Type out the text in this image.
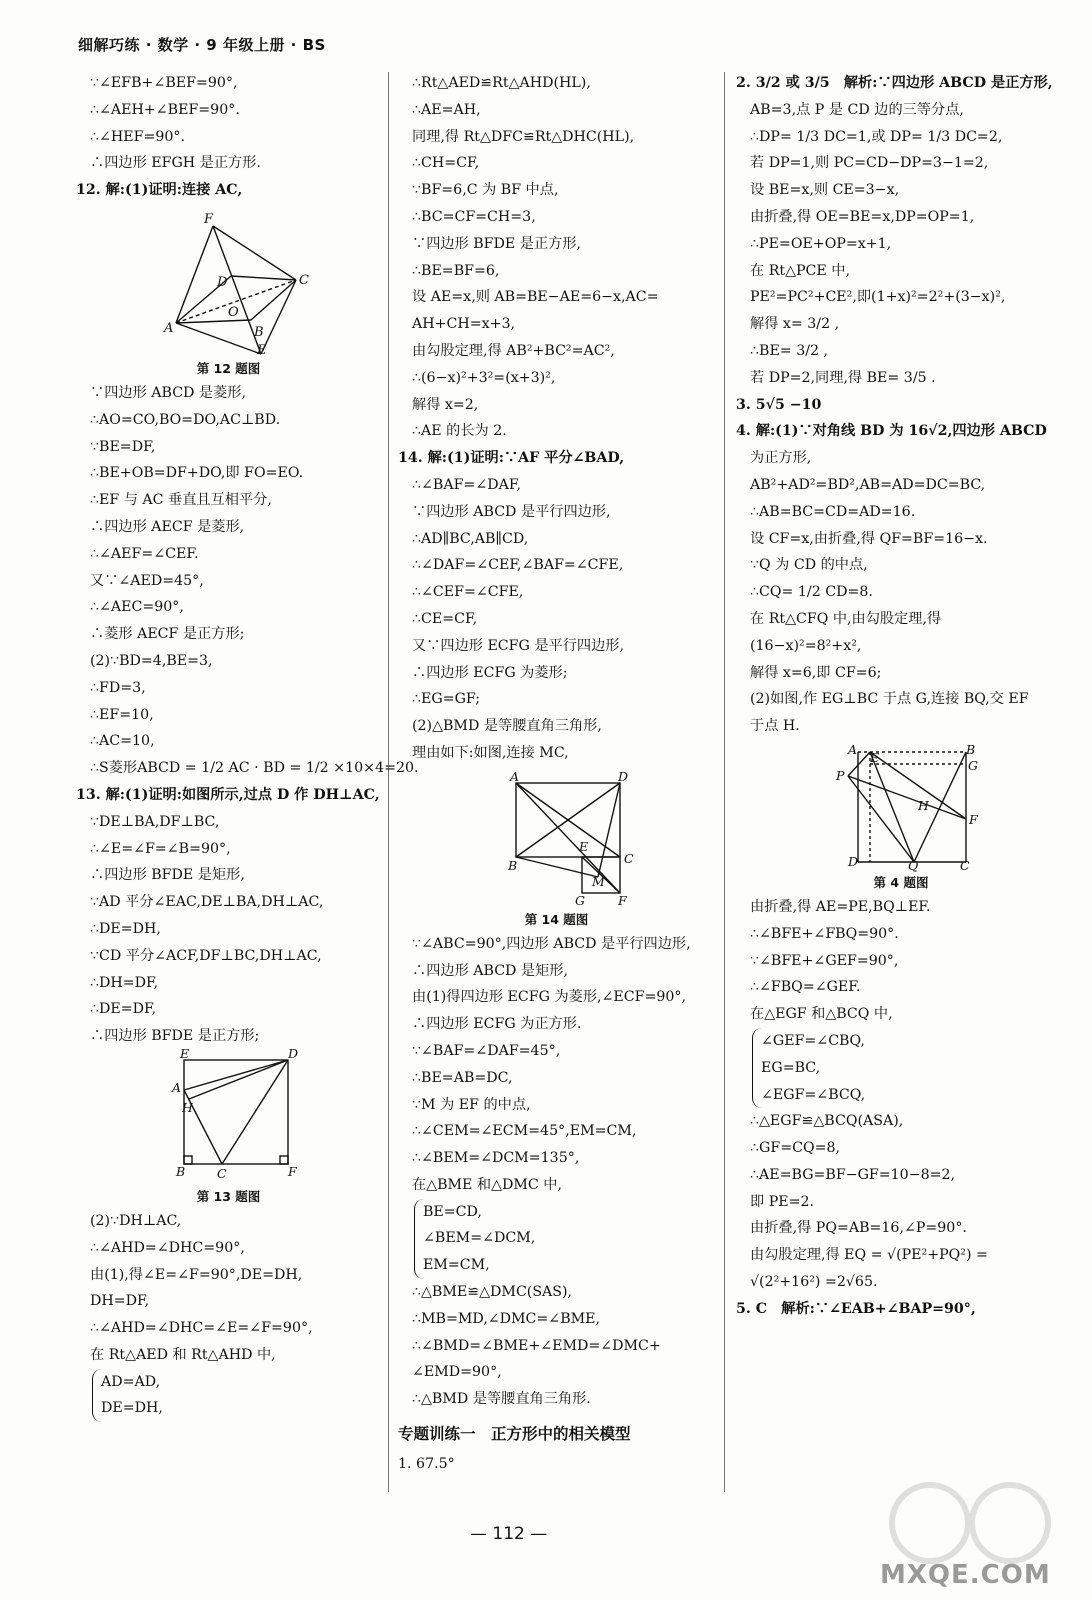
细解巧练 · 数学 · 9 年级上册 · BS

∵∠EFB+∠BEF=90°,

∴∠AEH+∠BEF=90°.

∴∠HEF=90°.

∴四边形 EFGH 是正方形.

12. 解:(1)证明:连接 AC,

F
D	C
A
O
B
E
第 12 题图

∵四边形 ABCD 是菱形,

∴AO=CO,BO=DO,AC⊥BD.

∵BE=DF,

∴BE+OB=DF+DO,即 FO=EO.

∴EF 与 AC 垂直且互相平分,

∴四边形 AECF 是菱形,

∴∠AEF=∠CEF.

又∵∠AED=45°,

∴∠AEC=90°,

∴菱形 AECF 是正方形;

(2)∵BD=4,BE=3,

∴FD=3,

∴EF=10,

∴AC=10,

∴S菱形ABCD = 1/2 AC · BD = 1/2 ×10×4=20.

13. 解:(1)证明:如图所示,过点 D 作 DH⊥AC,

∵DE⊥BA,DF⊥BC,

∴∠E=∠F=∠B=90°,

∴四边形 BFDE 是矩形,

∵AD 平分∠EAC,DE⊥BA,DH⊥AC,

∴DE=DH,

∵CD 平分∠ACF,DF⊥BC,DH⊥AC,

∴DH=DF,

∴DE=DF,

∴四边形 BFDE 是正方形;

E	D
A
H
B	C	F
第 13 题图

(2)∵DH⊥AC,

∴∠AHD=∠DHC=90°,

由(1),得∠E=∠F=90°,DE=DH,

DH=DF,

∴∠AHD=∠DHC=∠E=∠F=90°,

在 Rt△AED 和 Rt△AHD 中,

AD=AD,

DE=DH,

∴Rt△AED≌Rt△AHD(HL),

∴AE=AH,

同理,得 Rt△DFC≌Rt△DHC(HL),

∴CH=CF,

∵BF=6,C 为 BF 中点,

∴BC=CF=CH=3,

∵四边形 BFDE 是正方形,

∴BE=BF=6,

设 AE=x,则 AB=BE−AE=6−x,AC=

AH+CH=x+3,

由勾股定理,得 AB²+BC²=AC²,

∴(6−x)²+3²=(x+3)²,

解得 x=2,

∴AE 的长为 2.

14. 解:(1)证明:∵AF 平分∠BAD,

∴∠BAF=∠DAF,

∵四边形 ABCD 是平行四边形,

∴AD∥BC,AB∥CD,

∴∠DAF=∠CEF,∠BAF=∠CFE,

∴∠CEF=∠CFE,

∴CE=CF,

又∵四边形 ECFG 是平行四边形,

∴四边形 ECFG 为菱形;

∴EG=GF;

(2)△BMD 是等腰直角三角形,

理由如下:如图,连接 MC,

A	D
E
C
B
M
G	F
第 14 题图

∵∠ABC=90°,四边形 ABCD 是平行四边形,

∴四边形 ABCD 是矩形,

由(1)得四边形 ECFG 为菱形,∠ECF=90°,

∴四边形 ECFG 为正方形.

∵∠BAF=∠DAF=45°,

∴BE=AB=DC,

∵M 为 EF 的中点,

∴∠CEM=∠ECM=45°,EM=CM,

∴∠BEM=∠DCM=135°,

在△BME 和△DMC 中,

BE=CD,

∠BEM=∠DCM,

EM=CM,

∴△BME≌△DMC(SAS),

∴MB=MD,∠DMC=∠BME,

∴∠BMD=∠BME+∠EMD=∠DMC+

∠EMD=90°,

∴△BMD 是等腰直角三角形.

专题训练一　正方形中的相关模型

1. 67.5°

2. 3/2 或 3/5　解析:∵四边形 ABCD 是正方形,

AB=3,点 P 是 CD 边的三等分点,

∴DP= 1/3 DC=1,或 DP= 1/3 DC=2,

若 DP=1,则 PC=CD−DP=3−1=2,

设 BE=x,则 CE=3−x,

由折叠,得 OE=BE=x,DP=OP=1,

∴PE=OE+OP=x+1,

在 Rt△PCE 中,

PE²=PC²+CE²,即(1+x)²=2²+(3−x)²,

解得 x= 3/2 ,

∴BE= 3/2 ,

若 DP=2,同理,得 BE= 3/5 .

3. 5√5 −10

4. 解:(1)∵对角线 BD 为 16√2,四边形 ABCD

为正方形,

AB²+AD²=BD²,AB=AD=DC=BC,

∴AB=BC=CD=AD=16.

设 CF=x,由折叠,得 QF=BF=16−x.

∵Q 为 CD 的中点,

∴CQ= 1/2 CD=8.

在 Rt△CFQ 中,由勾股定理,得

(16−x)²=8²+x²,

解得 x=6,即 CF=6;

(2)如图,作 EG⊥BC 于点 G,连接 BQ,交 EF

于点 H.

A
E
B
G
P
H
F
D	Q	C
第 4 题图

由折叠,得 AE=PE,BQ⊥EF.

∴∠BFE+∠FBQ=90°.

∵∠BFE+∠GEF=90°,

∴∠FBQ=∠GEF.

在△EGF 和△BCQ 中,

∠GEF=∠CBQ,

EG=BC,

∠EGF=∠BCQ,

∴△EGF≌△BCQ(ASA),

∴GF=CQ=8,

∴AE=BG=BF−GF=10−8=2,

即 PE=2.

由折叠,得 PQ=AB=16,∠P=90°.

由勾股定理,得 EQ = √(PE²+PQ²) =

√(2²+16²) =2√65.

5. C　解析:∵∠EAB+∠BAP=90°,

— 112 —
MXQE.COM
